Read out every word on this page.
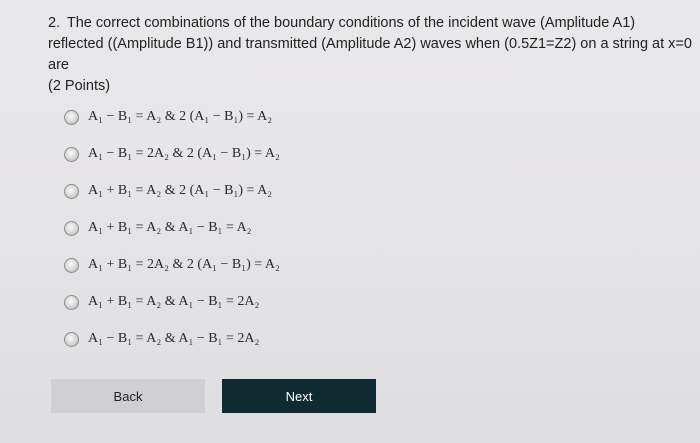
2. The correct combinations of the boundary conditions of the incident wave (Amplitude A1) reflected ((Amplitude B1)) and transmitted (Amplitude A2) waves when (0.5Z1=Z2) on a string at x=0 are
(2 Points)
A₁ − B₁ = A₂ & 2 (A₁ − B₁) = A₂
A₁ − B₁ = 2A₂ & 2 (A₁ − B₁) = A₂
A₁ + B₁ = A₂ & 2 (A₁ − B₁) = A₂
A₁ + B₁ = A₂ & A₁ − B₁ = A₂
A₁ + B₁ = 2A₂ & 2 (A₁ − B₁) = A₂
A₁ + B₁ = A₂ & A₁ − B₁ = 2A₂
A₁ − B₁ = A₂ & A₁ − B₁ = 2A₂
Back	Next
